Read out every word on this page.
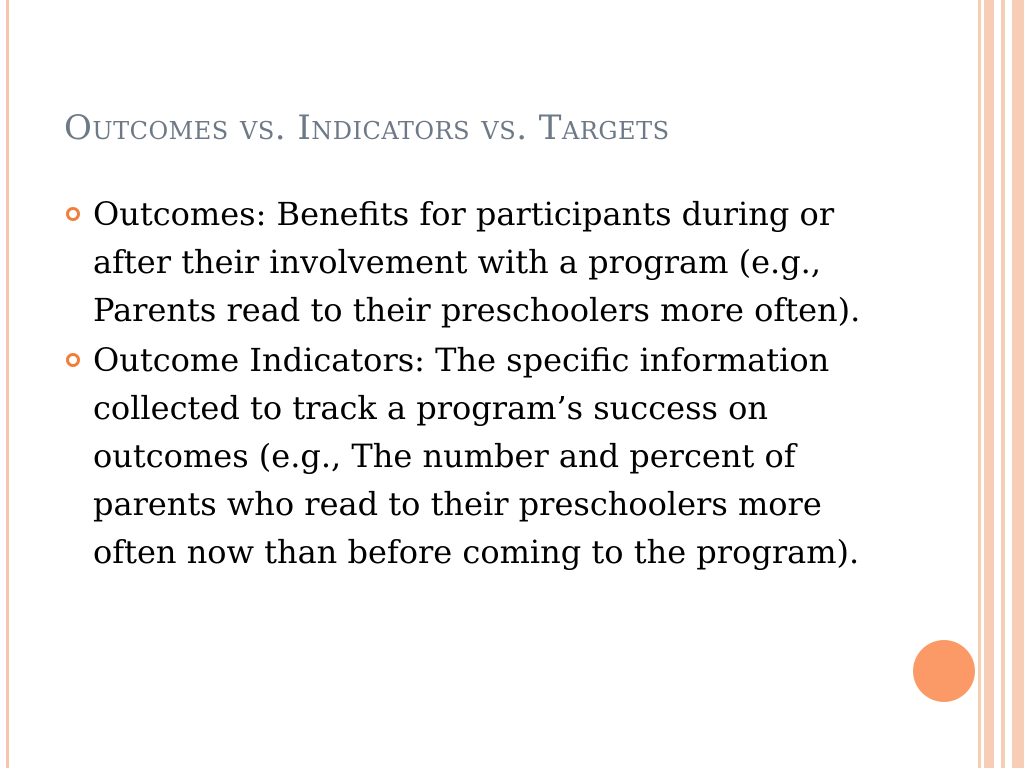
Outcomes vs. Indicators vs. Targets
Outcomes: Benefits for participants during or after their involvement with a program (e.g., Parents read to their preschoolers more often).
Outcome Indicators: The specific information collected to track a program’s success on outcomes (e.g., The number and percent of parents who read to their preschoolers more often now than before coming to the program).
